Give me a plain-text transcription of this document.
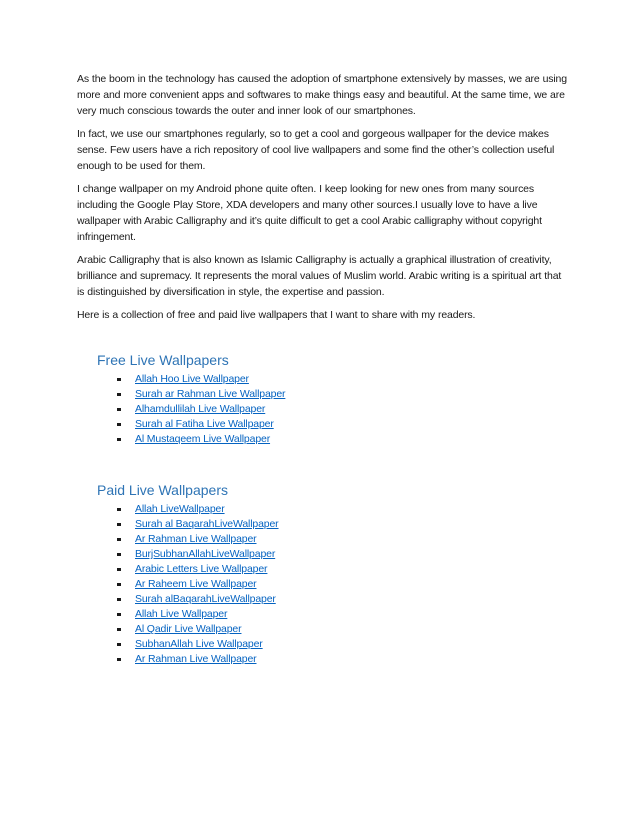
As the boom in the technology has caused the adoption of smartphone extensively by masses, we are using more and more convenient apps and softwares to make things easy and beautiful. At the same time, we are very much conscious towards the outer and inner look of our smartphones.

In fact, we use our smartphones regularly, so to get a cool and gorgeous wallpaper for the device makes sense. Few users have a rich repository of cool live wallpapers and some find the other’s collection useful enough to be used for them.

I change wallpaper on my Android phone quite often. I keep looking for new ones from many sources including the Google Play Store, XDA developers and many other sources.I usually love to have a live wallpaper with Arabic Calligraphy and it’s quite difficult to get a cool Arabic calligraphy without copyright infringement.

Arabic Calligraphy that is also known as Islamic Calligraphy is actually a graphical illustration of creativity, brilliance and supremacy. It represents the moral values of Muslim world. Arabic writing is a spiritual art that is distinguished by diversification in style, the expertise and passion.

Here is a collection of free and paid live wallpapers that I want to share with my readers.

Free Live Wallpapers
Allah Hoo Live Wallpaper
Surah ar Rahman Live Wallpaper
Alhamdullilah Live Wallpaper
Surah al Fatiha Live Wallpaper
Al Mustaqeem Live Wallpaper
Paid Live Wallpapers
Allah LiveWallpaper
Surah al BaqarahLiveWallpaper
Ar Rahman Live Wallpaper
BurjSubhanAllahLiveWallpaper
Arabic Letters Live Wallpaper
Ar Raheem Live Wallpaper
Surah alBaqarahLiveWallpaper
Allah Live Wallpaper
Al Qadir Live Wallpaper
SubhanAllah Live Wallpaper
Ar Rahman Live Wallpaper
